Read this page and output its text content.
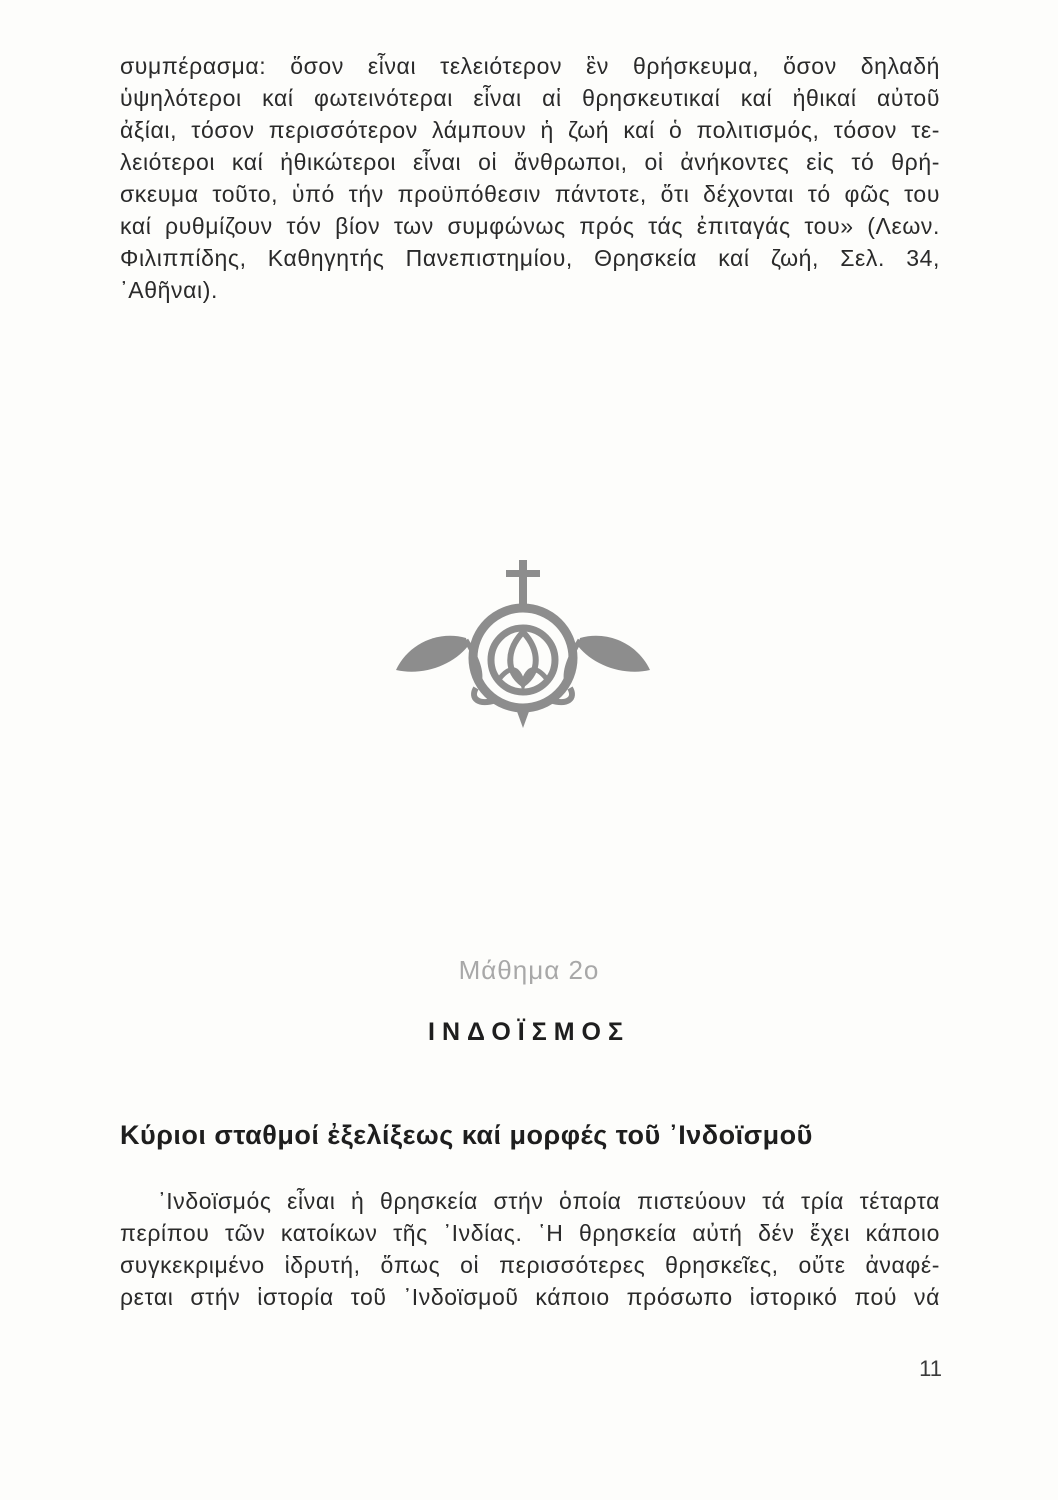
συμπέρασμα: ὅσον εἶναι τελειότερον ἓν θρήσκευμα, ὅσον δηλαδή
ὑψηλότεροι καί φωτεινότεραι εἶναι αἱ θρησκευτικαί καί ἠθικαί αὐτοῦ
ἀξίαι, τόσον περισσότερον λάμπουν ἡ ζωή καί ὁ πολιτισμός, τόσον τε-
λειότεροι καί ἠθικώτεροι εἶναι οἱ ἄνθρωποι, οἱ ἀνήκοντες εἰς τό θρή-
σκευμα τοῦτο, ὑπό τήν προϋπόθεσιν πάντοτε, ὅτι δέχονται τό φῶς του
καί ρυθμίζουν τόν βίον των συμφώνως πρός τάς ἐπιταγάς του» (Λεων.
Φιλιππίδης, Καθηγητής Πανεπιστημίου, Θρησκεία καί ζωή, Σελ. 34,
᾿Αθῆναι).
Μάθημα 2ο
ΙΝΔΟΪΣΜΟΣ
Κύριοι σταθμοί ἐξελίξεως καί μορφές τοῦ ᾿Ινδοϊσμοῦ
᾿Ινδοϊσμός εἶναι ἡ θρησκεία στήν ὁποία πιστεύουν τά τρία τέταρτα
περίπου τῶν κατοίκων τῆς ᾿Ινδίας. ῾Η θρησκεία αὐτή δέν ἔχει κάποιο
συγκεκριμένο ἱδρυτή, ὅπως οἱ περισσότερες θρησκεῖες, οὔτε ἀναφέ-
ρεται στήν ἱστορία τοῦ ᾿Ινδοϊσμοῦ κάποιο πρόσωπο ἱστορικό πού νά
11
